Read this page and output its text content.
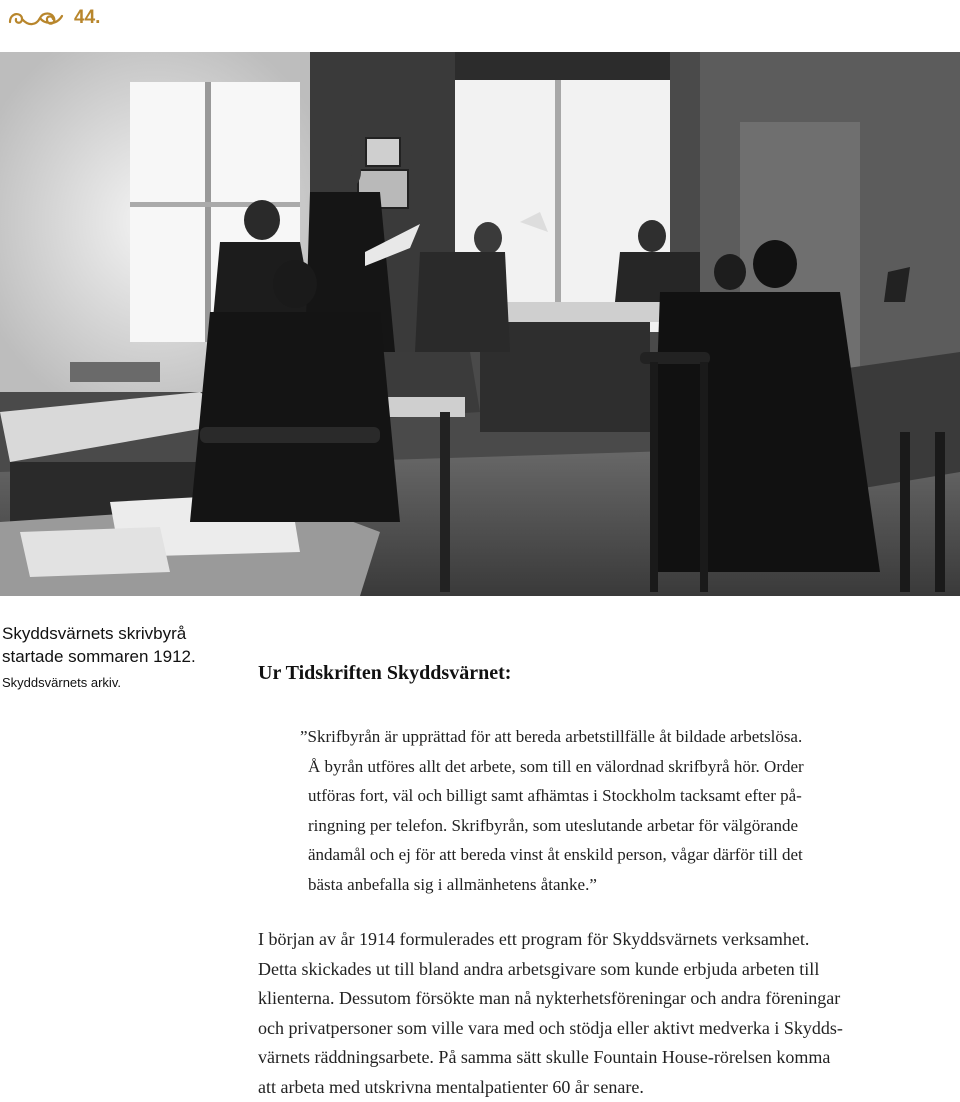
44.
Skyddsvärnets skrivbyrå
startade sommaren 1912.
Skyddsvärnets arkiv.	Ur Tidskriften Skyddsvärnet:

”Skrifbyrån är upprättad för att bereda arbetstillfälle åt bildade arbetslösa.

Å byrån utföres allt det arbete, som till en välordnad skrifbyrå hör. Order

utföras fort, väl och billigt samt afhämtas i Stockholm tacksamt efter på-

ringning per telefon. Skrifbyrån, som uteslutande arbetar för välgörande

ändamål och ej för att bereda vinst åt enskild person, vågar därför till det

bästa anbefalla sig i allmänhetens åtanke.”

I början av år 1914 formulerades ett program för Skyddsvärnets verksamhet.

Detta skickades ut till bland andra arbetsgivare som kunde erbjuda arbeten till

klienterna. Dessutom försökte man nå nykterhetsföreningar och andra föreningar

och privatpersoner som ville vara med och stödja eller aktivt medverka i Skydds-

värnets räddningsarbete. På samma sätt skulle Fountain House-rörelsen komma

att arbeta med utskrivna mentalpatienter 60 år senare.
